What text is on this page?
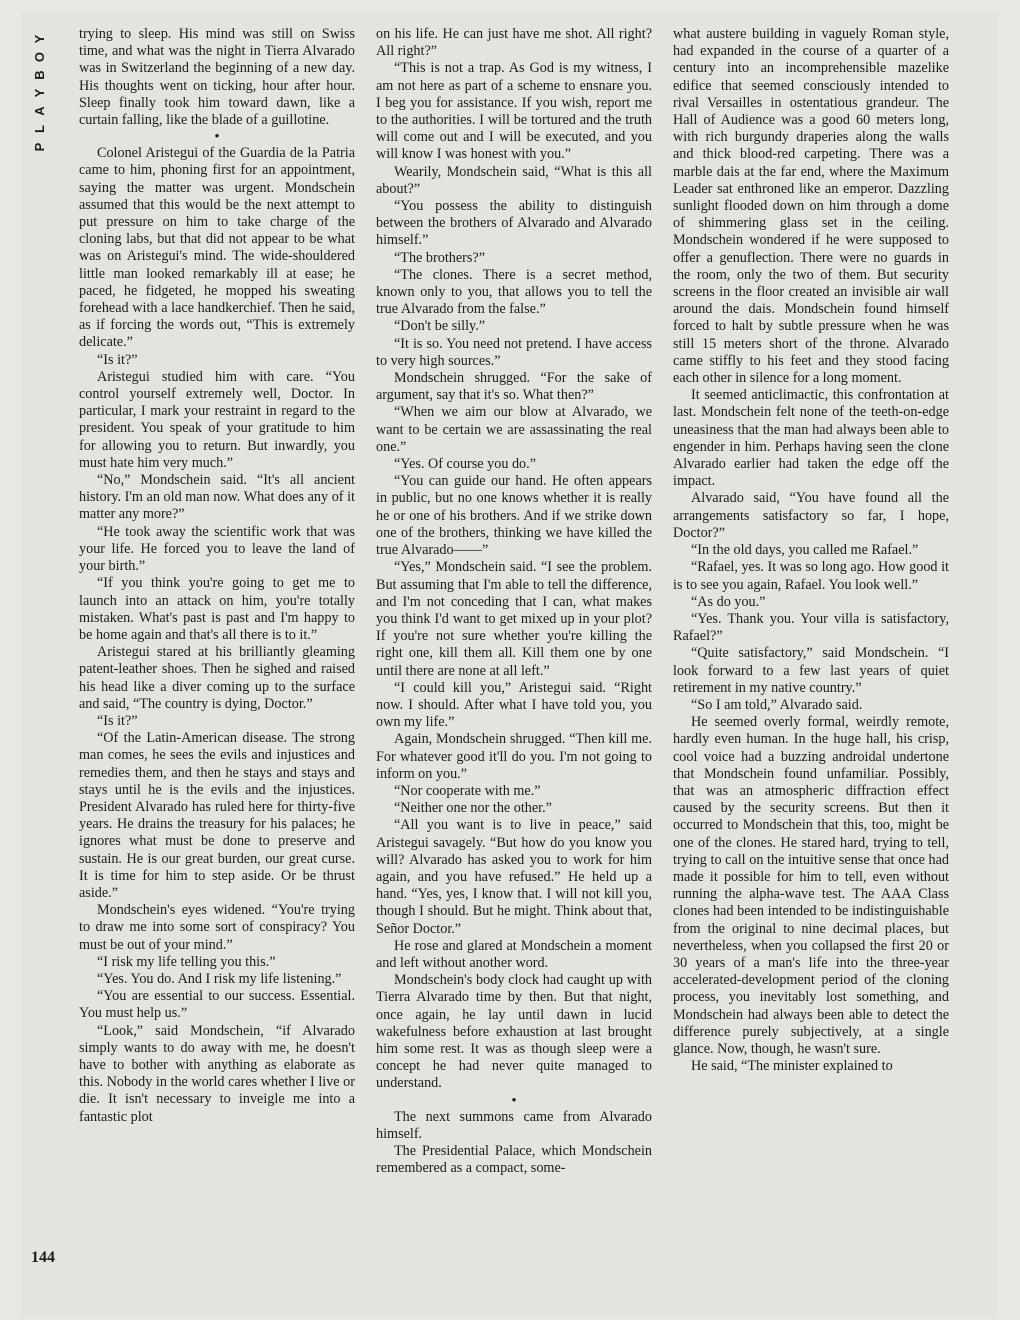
Y
O
B
Y
A
L
P
144

trying to sleep. His mind was still on Swiss time, and what was the night in Tierra Alvarado was in Switzerland the beginning of a new day. His thoughts went on ticking, hour after hour. Sleep finally took him toward dawn, like a curtain falling, like the blade of a guillotine.

•

Colonel Aristegui of the Guardia de la Patria came to him, phoning first for an appointment, saying the matter was urgent. Mondschein assumed that this would be the next attempt to put pressure on him to take charge of the cloning labs, but that did not appear to be what was on Aristegui's mind. The wide-shouldered little man looked remarkably ill at ease; he paced, he fidgeted, he mopped his sweating forehead with a lace handkerchief. Then he said, as if forcing the words out, “This is extremely delicate.”

“Is it?”

Aristegui studied him with care. “You control yourself extremely well, Doctor. In particular, I mark your restraint in regard to the president. You speak of your gratitude to him for allowing you to return. But inwardly, you must hate him very much.”

“No,” Mondschein said. “It's all ancient history. I'm an old man now. What does any of it matter any more?”

“He took away the scientific work that was your life. He forced you to leave the land of your birth.”

“If you think you're going to get me to launch into an attack on him, you're totally mistaken. What's past is past and I'm happy to be home again and that's all there is to it.”

Aristegui stared at his brilliantly gleaming patent-leather shoes. Then he sighed and raised his head like a diver coming up to the surface and said, “The country is dying, Doctor.”

“Is it?”

“Of the Latin-American disease. The strong man comes, he sees the evils and injustices and remedies them, and then he stays and stays and stays until he is the evils and the injustices. President Alvarado has ruled here for thirty-five years. He drains the treasury for his palaces; he ignores what must be done to preserve and sustain. He is our great burden, our great curse. It is time for him to step aside. Or be thrust aside.”

Mondschein's eyes widened. “You're trying to draw me into some sort of conspiracy? You must be out of your mind.”

“I risk my life telling you this.”

“Yes. You do. And I risk my life listening.”

“You are essential to our success. Essential. You must help us.”

“Look,” said Mondschein, “if Alvarado simply wants to do away with me, he doesn't have to bother with anything as elaborate as this. Nobody in the world cares whether I live or die. It isn't necessary to inveigle me into a fantastic plot

on his life. He can just have me shot. All right? All right?”

“This is not a trap. As God is my witness, I am not here as part of a scheme to ensnare you. I beg you for assistance. If you wish, report me to the authorities. I will be tortured and the truth will come out and I will be executed, and you will know I was honest with you.”

Wearily, Mondschein said, “What is this all about?”

“You possess the ability to distinguish between the brothers of Alvarado and Alvarado himself.”

“The brothers?”

“The clones. There is a secret method, known only to you, that allows you to tell the true Alvarado from the false.”

“Don't be silly.”

“It is so. You need not pretend. I have access to very high sources.”

Mondschein shrugged. “For the sake of argument, say that it's so. What then?”

“When we aim our blow at Alvarado, we want to be certain we are assassinating the real one.”

“Yes. Of course you do.”

“You can guide our hand. He often appears in public, but no one knows whether it is really he or one of his brothers. And if we strike down one of the brothers, thinking we have killed the true Alvarado——”

“Yes,” Mondschein said. “I see the problem. But assuming that I'm able to tell the difference, and I'm not conceding that I can, what makes you think I'd want to get mixed up in your plot? If you're not sure whether you're killing the right one, kill them all. Kill them one by one until there are none at all left.”

“I could kill you,” Aristegui said. “Right now. I should. After what I have told you, you own my life.”

Again, Mondschein shrugged. “Then kill me. For whatever good it'll do you. I'm not going to inform on you.”

“Nor cooperate with me.”

“Neither one nor the other.”

“All you want is to live in peace,” said Aristegui savagely. “But how do you know you will? Alvarado has asked you to work for him again, and you have refused.” He held up a hand. “Yes, yes, I know that. I will not kill you, though I should. But he might. Think about that, Señor Doctor.”

He rose and glared at Mondschein a moment and left without another word.

Mondschein's body clock had caught up with Tierra Alvarado time by then. But that night, once again, he lay until dawn in lucid wakefulness before exhaustion at last brought him some rest. It was as though sleep were a concept he had never quite managed to understand.

•

The next summons came from Alvarado himself.

The Presidential Palace, which Mondschein remembered as a compact, some-

what austere building in vaguely Roman style, had expanded in the course of a quarter of a century into an incomprehensible mazelike edifice that seemed consciously intended to rival Versailles in ostentatious grandeur. The Hall of Audience was a good 60 meters long, with rich burgundy draperies along the walls and thick blood-red carpeting. There was a marble dais at the far end, where the Maximum Leader sat enthroned like an emperor. Dazzling sunlight flooded down on him through a dome of shimmering glass set in the ceiling. Mondschein wondered if he were supposed to offer a genuflection. There were no guards in the room, only the two of them. But security screens in the floor created an invisible air wall around the dais. Mondschein found himself forced to halt by subtle pressure when he was still 15 meters short of the throne. Alvarado came stiffly to his feet and they stood facing each other in silence for a long moment.

It seemed anticlimactic, this confrontation at last. Mondschein felt none of the teeth-on-edge uneasiness that the man had always been able to engender in him. Perhaps having seen the clone Alvarado earlier had taken the edge off the impact.

Alvarado said, “You have found all the arrangements satisfactory so far, I hope, Doctor?”

“In the old days, you called me Rafael.”

“Rafael, yes. It was so long ago. How good it is to see you again, Rafael. You look well.”

“As do you.”

“Yes. Thank you. Your villa is satisfactory, Rafael?”

“Quite satisfactory,” said Mondschein. “I look forward to a few last years of quiet retirement in my native country.”

“So I am told,” Alvarado said.

He seemed overly formal, weirdly remote, hardly even human. In the huge hall, his crisp, cool voice had a buzzing androidal undertone that Mondschein found unfamiliar. Possibly, that was an atmospheric diffraction effect caused by the security screens. But then it occurred to Mondschein that this, too, might be one of the clones. He stared hard, trying to tell, trying to call on the intuitive sense that once had made it possible for him to tell, even without running the alpha-wave test. The AAA Class clones had been intended to be indistinguishable from the original to nine decimal places, but nevertheless, when you collapsed the first 20 or 30 years of a man's life into the three-year accelerated-development period of the cloning process, you inevitably lost something, and Mondschein had always been able to detect the difference purely subjectively, at a single glance. Now, though, he wasn't sure.

He said, “The minister explained to
